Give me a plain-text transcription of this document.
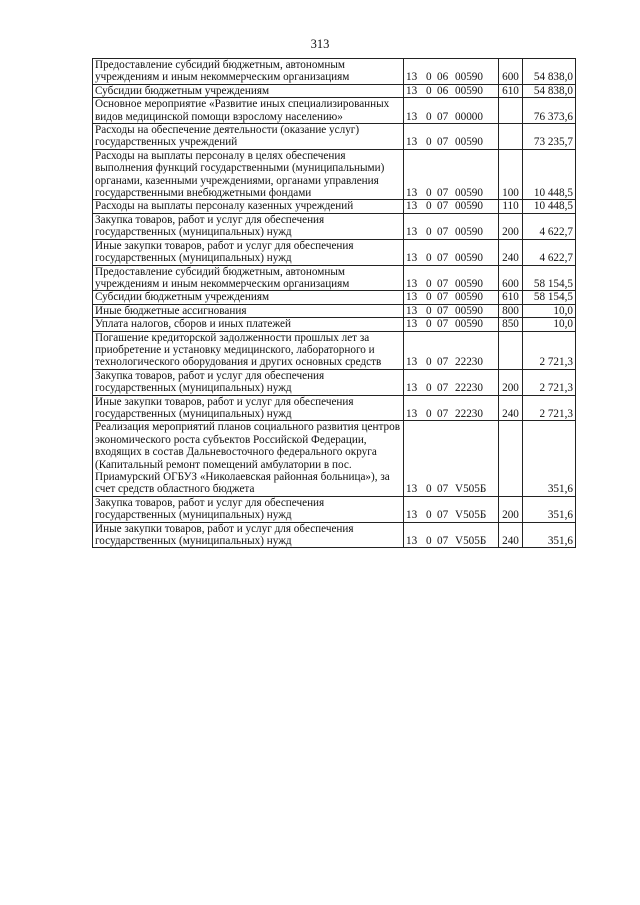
313
Предоставление субсидий бюджетным, автономным учреждениям и иным некоммерческим организациям	13 0 06 00590	600	54 838,0
Субсидии бюджетным учреждениям	13 0 06 00590	610	54 838,0
Основное мероприятие «Развитие иных специализированных видов медицинской помощи взрослому населению»	13 0 07 00000		76 373,6
Расходы на обеспечение деятельности (оказание услуг) государственных учреждений	13 0 07 00590		73 235,7
Расходы на выплаты персоналу в целях обеспечения выполнения функций государственными (муниципальными) органами, казенными учреждениями, органами управления государственными внебюджетными фондами	13 0 07 00590	100	10 448,5
Расходы на выплаты персоналу казенных учреждений	13 0 07 00590	110	10 448,5
Закупка товаров, работ и услуг для обеспечения государственных (муниципальных) нужд	13 0 07 00590	200	4 622,7
Иные закупки товаров, работ и услуг для обеспечения государственных (муниципальных) нужд	13 0 07 00590	240	4 622,7
Предоставление субсидий бюджетным, автономным учреждениям и иным некоммерческим организациям	13 0 07 00590	600	58 154,5
Субсидии бюджетным учреждениям	13 0 07 00590	610	58 154,5
Иные бюджетные ассигнования	13 0 07 00590	800	10,0
Уплата налогов, сборов и иных платежей	13 0 07 00590	850	10,0
Погашение кредиторской задолженности прошлых лет за приобретение и установку медицинского, лабораторного и технологического оборудования и других основных средств	13 0 07 22230		2 721,3
Закупка товаров, работ и услуг для обеспечения государственных (муниципальных) нужд	13 0 07 22230	200	2 721,3
Иные закупки товаров, работ и услуг для обеспечения государственных (муниципальных) нужд	13 0 07 22230	240	2 721,3
Реализация мероприятий планов социального развития центров экономического роста субъектов Российской Федерации, входящих в состав Дальневосточного федерального округа (Капитальный ремонт помещений амбулатории в пос. Приамурский ОГБУЗ «Николаевская районная больница»), за счет средств областного бюджета	13 0 07 V505Б		351,6
Закупка товаров, работ и услуг для обеспечения государственных (муниципальных) нужд	13 0 07 V505Б	200	351,6
Иные закупки товаров, работ и услуг для обеспечения государственных (муниципальных) нужд	13 0 07 V505Б	240	351,6
